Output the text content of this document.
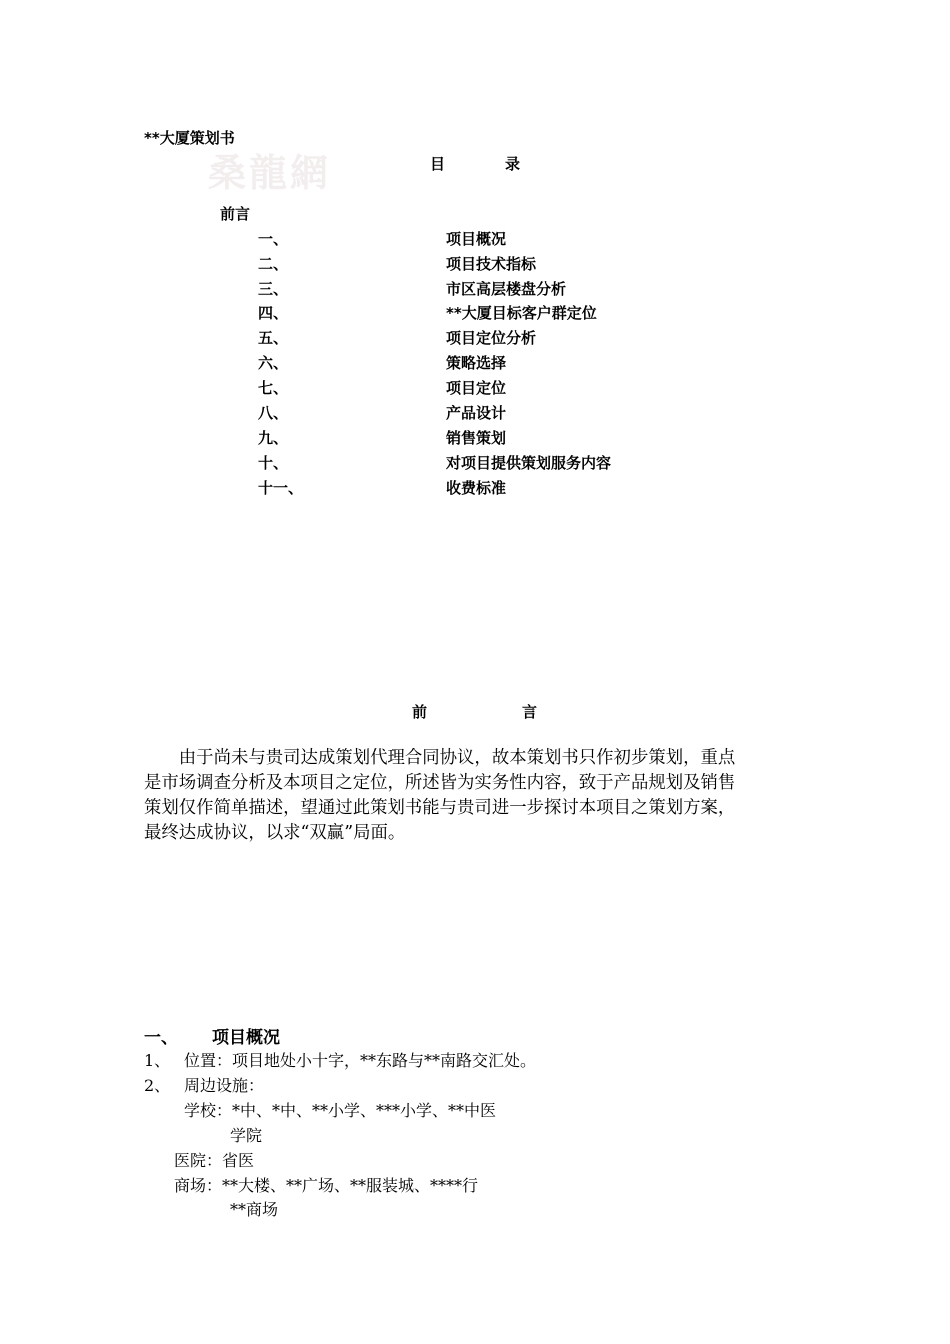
**大厦策划书
桑龍網	目	录
前言
一、	项目概况
二、	项目技术指标
三、	市区高层楼盘分析
四、	**大厦目标客户群定位
五、	项目定位分析
六、	策略选择
七、	项目定位
八、	产品设计
九、	销售策划
十、	对项目提供策划服务内容
十一、	收费标准
前	言
　　由于尚未与贵司达成策划代理合同协议，故本策划书只作初步策划，重点
是市场调查分析及本项目之定位，所述皆为实务性内容，致于产品规划及销售
策划仅作简单描述，望通过此策划书能与贵司进一步探讨本项目之策划方案，
最终达成协议，以求“双赢”局面。
一、 项目概况
1、 位置：项目地处小十字，**东路与**南路交汇处。
2、 周边设施：
学校：*中、*中、**小学、***小学、**中医
学院
医院：省医
商场：**大楼、**广场、**服装城、****行
**商场
